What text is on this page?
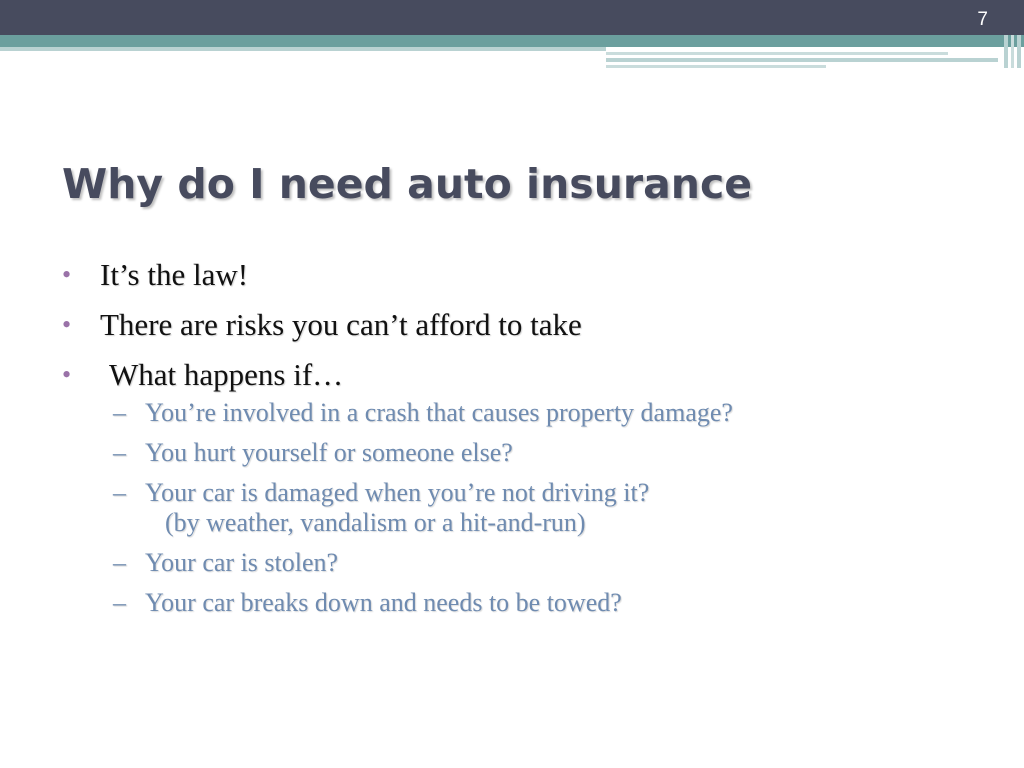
7
Why do I need auto insurance
• It’s the law!
• There are risks you can’t afford to take
• What happens if…
– You’re involved in a crash that causes property damage?
– You hurt yourself or someone else?
– Your car is damaged when you’re not driving it?
(by weather, vandalism or a hit-and-run)
– Your car is stolen?
– Your car breaks down and needs to be towed?
